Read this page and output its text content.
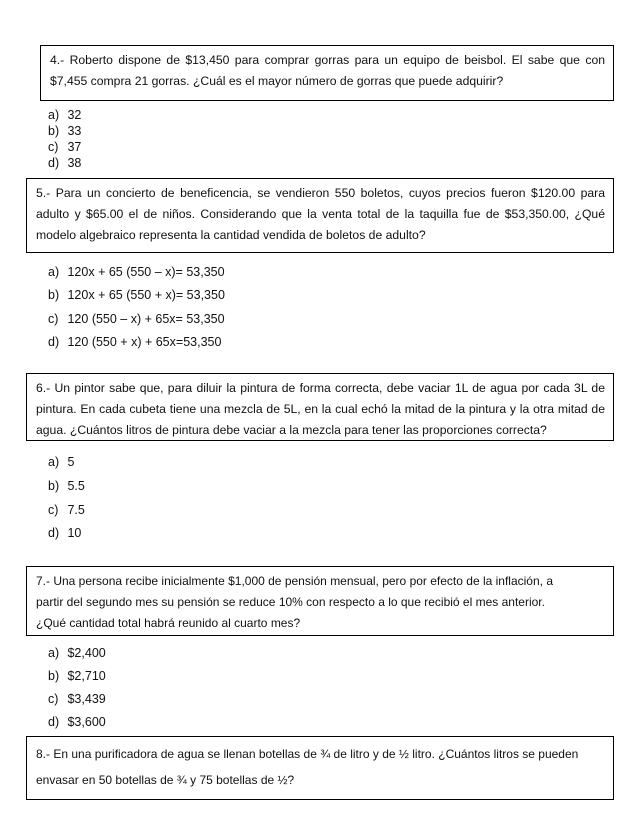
4.- Roberto dispone de $13,450 para comprar gorras para un equipo de beisbol. El sabe que con $7,455 compra 21 gorras. ¿Cuál es el mayor número de gorras que puede adquirir?
a) 32
b) 33
c) 37
d) 38
5.- Para un concierto de beneficencia, se vendieron 550 boletos, cuyos precios fueron $120.00 para adulto y $65.00 el de niños. Considerando que la venta total de la taquilla fue de $53,350.00, ¿Qué modelo algebraico representa la cantidad vendida de boletos de adulto?
a) 120x + 65 (550 – x)= 53,350
b) 120x + 65 (550 + x)= 53,350
c) 120 (550 – x) + 65x= 53,350
d) 120 (550 + x) + 65x=53,350
6.- Un pintor sabe que, para diluir la pintura de forma correcta, debe vaciar 1L de agua por cada 3L de pintura. En cada cubeta tiene una mezcla de 5L, en la cual echó la mitad de la pintura y la otra mitad de agua. ¿Cuántos litros de pintura debe vaciar a la mezcla para tener las proporciones correcta?
a) 5
b) 5.5
c) 7.5
d) 10
7.- Una persona recibe inicialmente $1,000 de pensión mensual, pero por efecto de la inflación, a
partir del segundo mes su pensión se reduce 10% con respecto a lo que recibió el mes anterior.
¿Qué cantidad total habrá reunido al cuarto mes?
a) $2,400
b) $2,710
c) $3,439
d) $3,600
8.- En una purificadora de agua se llenan botellas de ¾ de litro y de ½ litro. ¿Cuántos litros se pueden
envasar en 50 botellas de ¾ y 75 botellas de ½?
